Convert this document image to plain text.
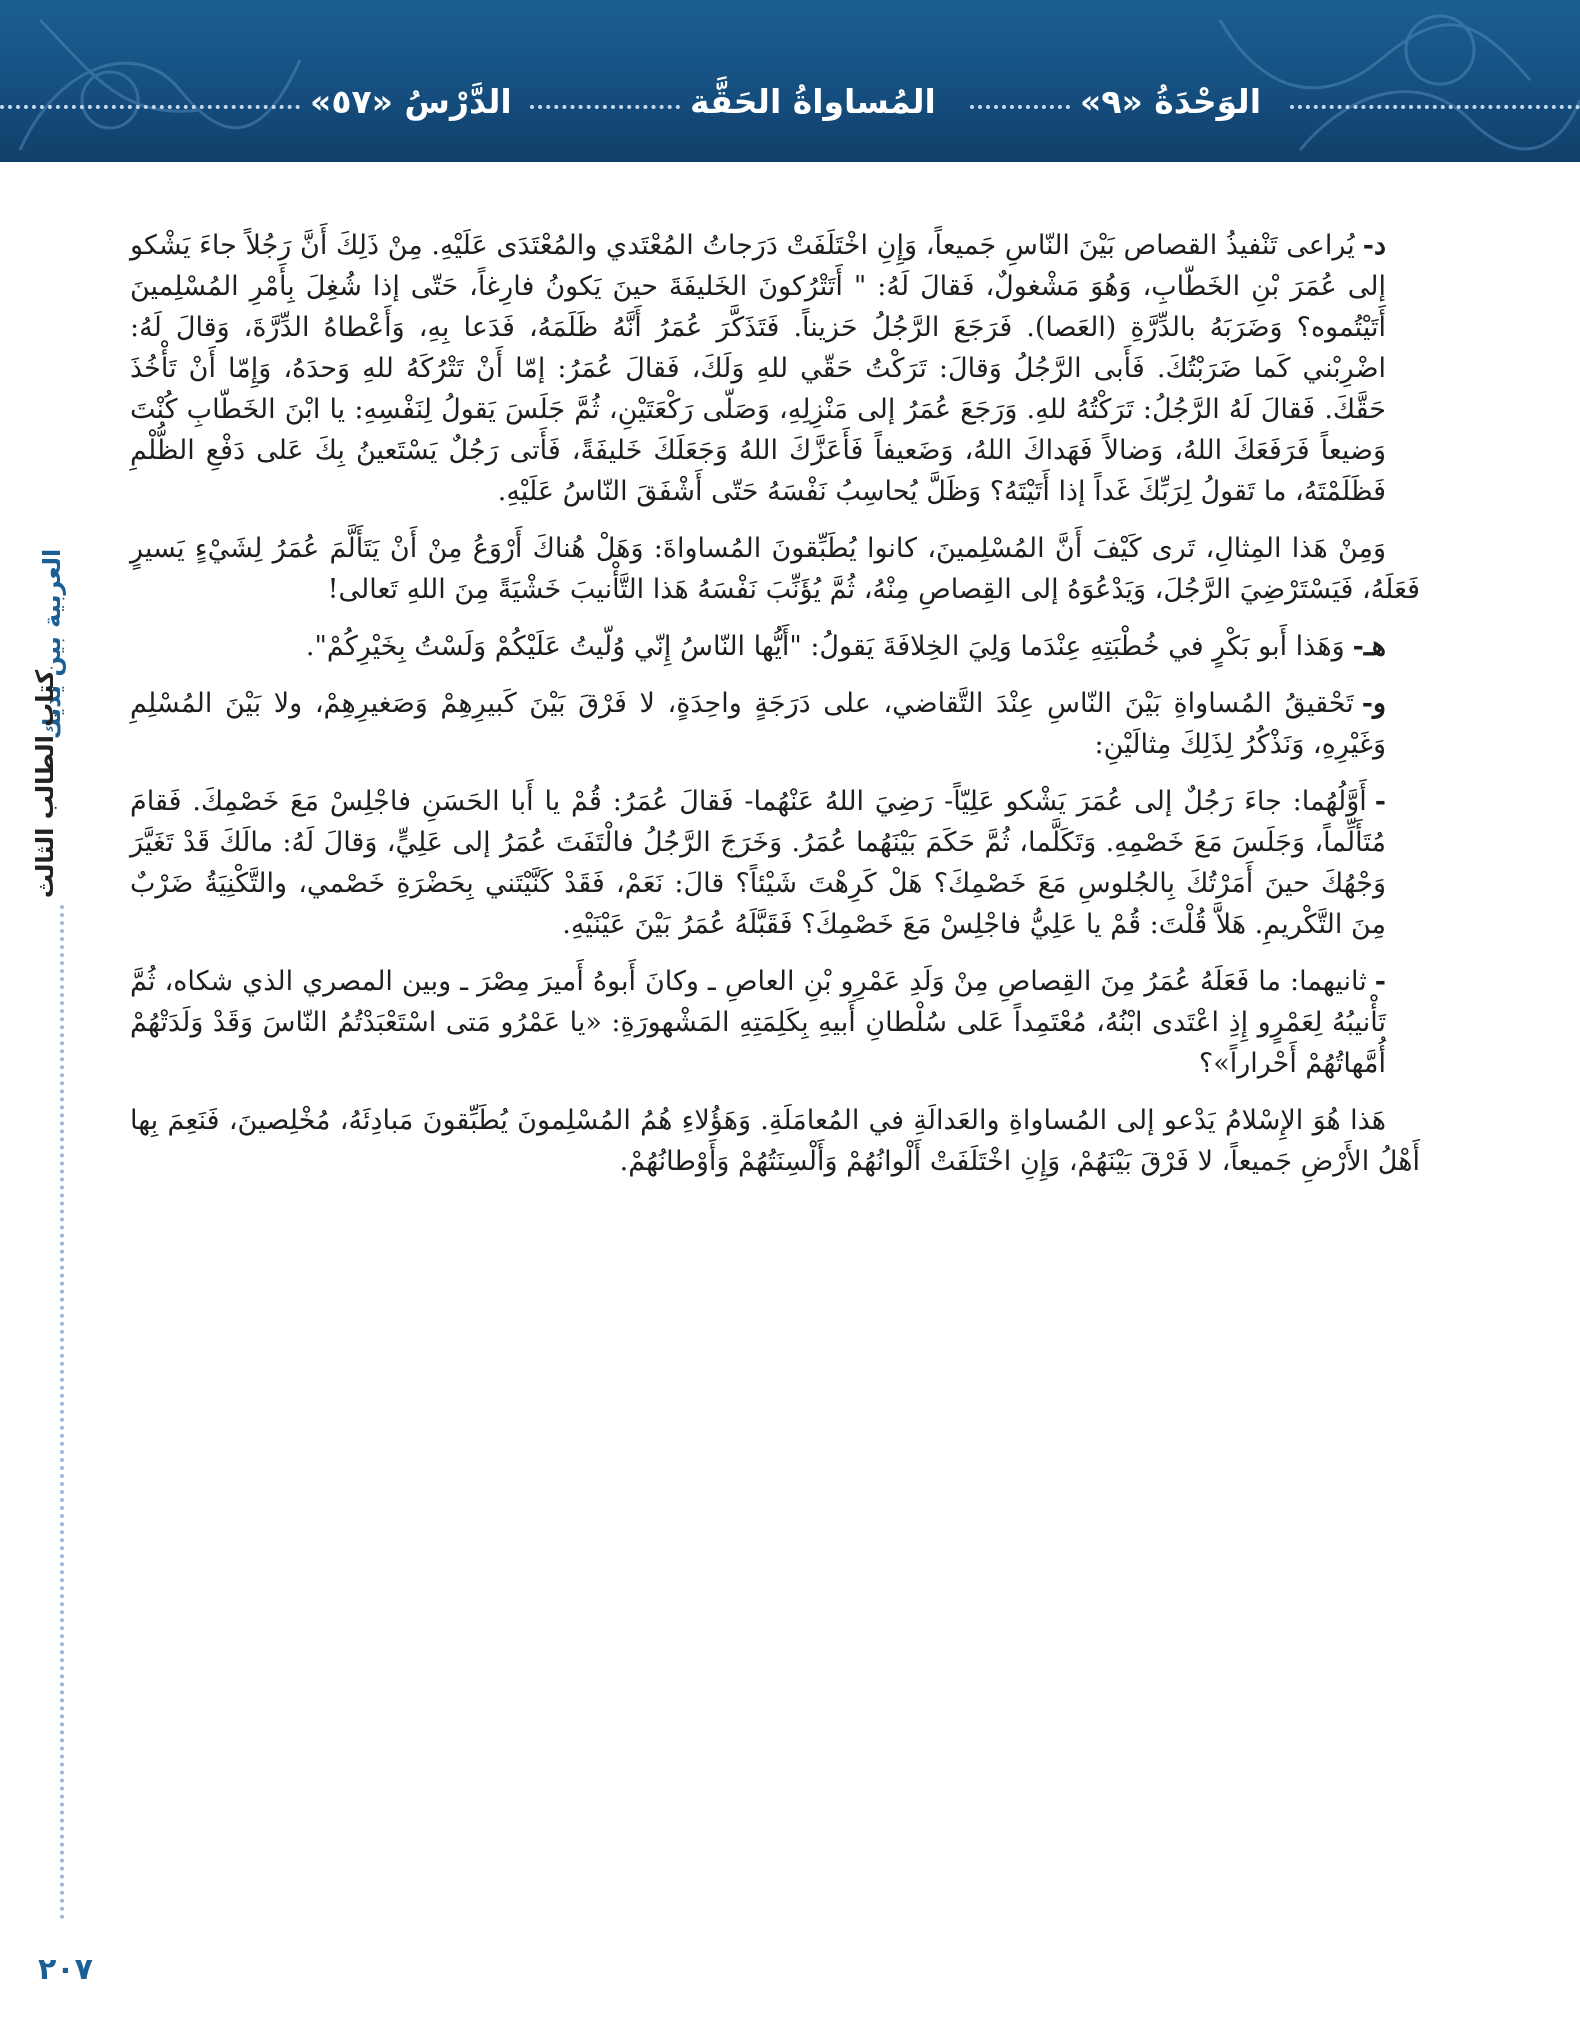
الدَّرْسُ «٥٧»	المُساواةُ الحَقَّة	الوَحْدَةُ «٩»
العربية بين يديك
كتاب الطالب الثالث
٢٠٧

د-يُراعى تَنْفيذُ القصاص بَيْنَ النّاسِ جَميعاً، وَإِنِ اخْتَلَفَتْ دَرَجاتُ المُعْتَدي والمُعْتَدَى عَلَيْهِ. مِنْ ذَلِكَ أَنَّ رَجُلاً جاءَ يَشْكو إلى عُمَرَ بْنِ الخَطّابِ، وَهُوَ مَشْغولٌ، فَقالَ لَهُ: " أَتَتْرُكونَ الخَليفَةَ حينَ يَكونُ فارِغاً، حَتّى إذا شُغِلَ بِأَمْرِ المُسْلِمينَ أَتَيْتُموه؟ وَضَرَبَهُ بالدِّرَّةِ (العَصا). فَرَجَعَ الرَّجُلُ حَزيناً. فَتَذَكَّرَ عُمَرُ أَنَّهُ ظَلَمَهُ، فَدَعا بِهِ، وَأَعْطاهُ الدِّرَّةَ، وَقالَ لَهُ: اضْرِبْني كَما ضَرَبْتُكَ. فَأَبى الرَّجُلُ وَقالَ: تَرَكْتُ حَقّي للهِ وَلَكَ، فَقالَ عُمَرُ: إمّا أَنْ تَتْرُكَهُ للهِ وَحدَهُ، وَإِمّا أَنْ تَأْخُذَ حَقَّكَ. فَقالَ لَهُ الرَّجُلُ: تَرَكْتُهُ للهِ. وَرَجَعَ عُمَرُ إلى مَنْزِلِهِ، وَصَلّى رَكْعَتَيْنِ، ثُمَّ جَلَسَ يَقولُ لِنَفْسِهِ: يا ابْنَ الخَطّابِ كُنْتَ وَضيعاً فَرَفَعَكَ اللهُ، وَضالاً فَهَداكَ اللهُ، وَضَعيفاً فَأَعَزَّكَ اللهُ وَجَعَلَكَ خَليفَةً، فَأَتى رَجُلٌ يَسْتَعينُ بِكَ عَلى دَفْعِ الظُّلْمِ فَظَلَمْتَهُ، ما تَقولُ لِرَبِّكَ غَداً إذا أَتَيْتَهُ؟ وَظَلَّ يُحاسِبُ نَفْسَهُ حَتّى أَشْفَقَ النّاسُ عَلَيْهِ.

وَمِنْ هَذا المِثالِ، تَرى كَيْفَ أَنَّ المُسْلِمينَ، كانوا يُطَبِّقونَ المُساواةَ: وَهَلْ هُناكَ أَرْوَعُ مِنْ أَنْ يَتَأَلَّمَ عُمَرُ لِشَيْءٍ يَسيرٍ فَعَلَهُ، فَيَسْتَرْضِيَ الرَّجُلَ، وَيَدْعُوَهُ إلى القِصاصِ مِنْهُ، ثُمَّ يُؤَنِّبَ نَفْسَهُ هَذا التَّأْنيبَ خَشْيَةً مِنَ اللهِ تَعالى!

هـ-وَهَذا أَبو بَكْرٍ في خُطْبَتِهِ عِنْدَما وَلِيَ الخِلافَةَ يَقولُ: "أَيُّها النّاسُ إِنّي وُلّيتُ عَلَيْكُمْ وَلَسْتُ بِخَيْرِكُمْ".

و-تَحْقيقُ المُساواةِ بَيْنَ النّاسِ عِنْدَ التَّقاضي، على دَرَجَةٍ واحِدَةٍ، لا فَرْقَ بَيْنَ كَبيرِهِمْ وَصَغيرِهِمْ، ولا بَيْنَ المُسْلِمِ وَغَيْرِهِ، وَنَذْكُرُ لِذَلِكَ مِثالَيْنِ:

-أَوَّلُهُما: جاءَ رَجُلٌ إلى عُمَرَ يَشْكو عَلِيّاً- رَضِيَ اللهُ عَنْهُما- فَقالَ عُمَرُ: قُمْ يا أَبا الحَسَنِ فاجْلِسْ مَعَ خَصْمِكَ. فَقامَ مُتَأَلِّماً، وَجَلَسَ مَعَ خَصْمِهِ. وَتَكَلَّما، ثُمَّ حَكَمَ بَيْنَهُما عُمَرُ. وَخَرَجَ الرَّجُلُ فالْتَفَتَ عُمَرُ إلى عَلِيٍّ، وَقالَ لَهُ: مالَكَ قَدْ تَغَيَّرَ وَجْهُكَ حينَ أَمَرْتُكَ بِالجُلوسِ مَعَ خَصْمِكَ؟ هَلْ كَرِهْتَ شَيْئاً؟ قالَ: نَعَمْ، فَقَدْ كَنَّيْتَني بِحَضْرَةِ خَصْمي، والتَّكْنِيَةُ ضَرْبٌ مِنَ التَّكْريمِ. هَلاَّ قُلْتَ: قُمْ يا عَلِيُّ فاجْلِسْ مَعَ خَصْمِكَ؟ فَقَبَّلَهُ عُمَرُ بَيْنَ عَيْنَيْهِ.

-ثانيهما: ما فَعَلَهُ عُمَرُ مِنَ القِصاصِ مِنْ وَلَدِ عَمْرِو بْنِ العاصِ ـ وكانَ أَبوهُ أَميرَ مِصْرَ ـ وبين المصري الذي شكاه، ثُمَّ تَأْنيبُهُ لِعَمْرٍو إِذِ اعْتَدى ابْنُهُ، مُعْتَمِداً عَلى سُلْطانِ أَبيهِ بِكَلِمَتِهِ المَشْهورَةِ: «يا عَمْرُو مَتى اسْتَعْبَدْتُمُ النّاسَ وَقَدْ وَلَدَتْهُمْ أُمَّهاتُهُمْ أَحْراراً»؟

هَذا هُوَ الإِسْلامُ يَدْعو إلى المُساواةِ والعَدالَةِ في المُعامَلَةِ. وَهَؤُلاءِ هُمُ المُسْلِمونَ يُطَبِّقونَ مَبادِئَهُ، مُخْلِصينَ، فَنَعِمَ بِها أَهْلُ الأَرْضِ جَميعاً، لا فَرْقَ بَيْنَهُمْ، وَإِنِ اخْتَلَفَتْ أَلْوانُهُمْ وَأَلْسِنَتُهُمْ وَأَوْطانُهُمْ.
